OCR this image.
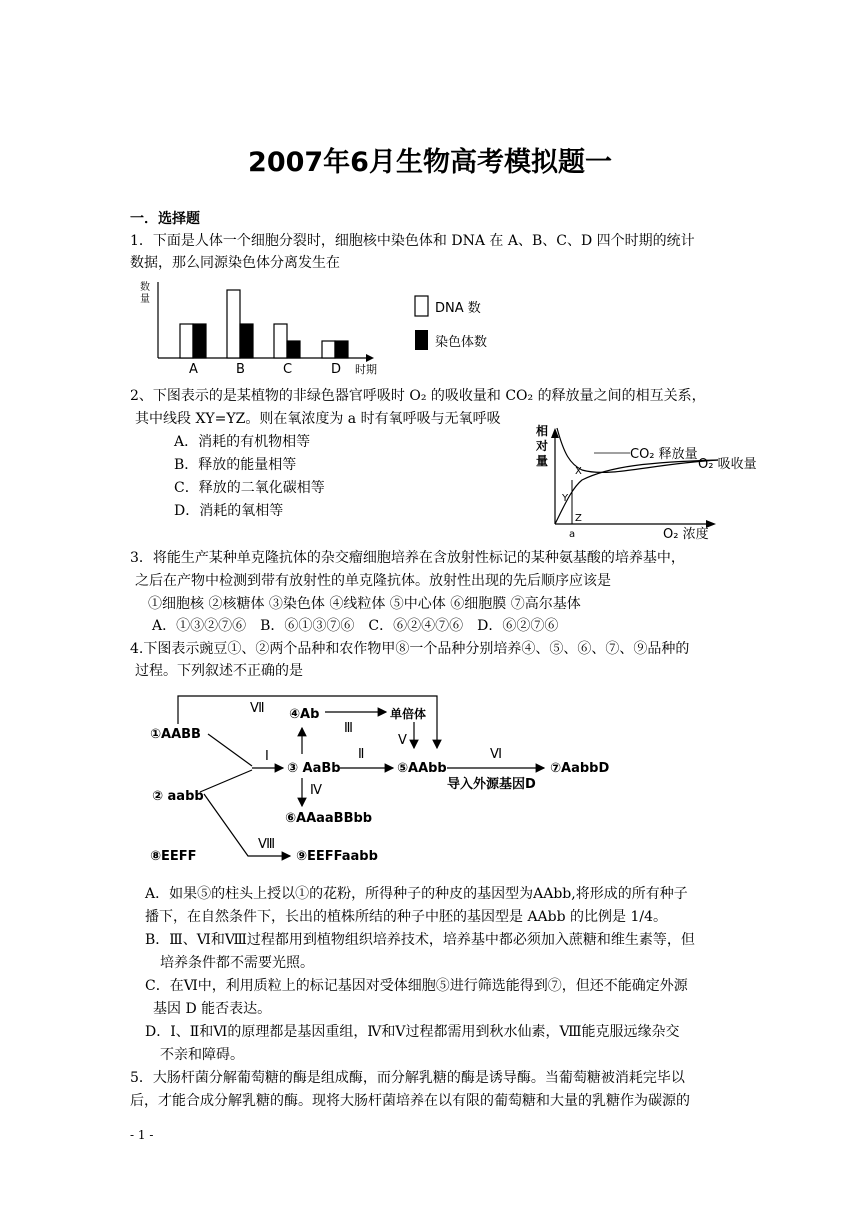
2007年6月生物高考模拟题一
一．选择题
1．下面是人体一个细胞分裂时，细胞核中染色体和 DNA 在 A、B、C、D 四个时期的统计
数据，那么同源染色体分离发生在
数
量
A	B	C	D 时期
DNA 数
染色体数
2、下图表示的是某植物的非绿色器官呼吸时 O₂ 的吸收量和 CO₂ 的释放量之间的相互关系，
其中线段 XY=YZ。则在氧浓度为 a 时有氧呼吸与无氧呼吸
A．消耗的有机物相等
B．释放的能量相等
C．释放的二氧化碳相等
D．消耗的氧相等
相
对
量	CO₂ 释放量
O₂ 吸收量
X
Y
Z
a	O₂ 浓度
3．将能生产某种单克隆抗体的杂交瘤细胞培养在含放射性标记的某种氨基酸的培养基中，
之后在产物中检测到带有放射性的单克隆抗体。放射性出现的先后顺序应该是
①细胞核 ②核糖体 ③染色体 ④线粒体 ⑤中心体 ⑥细胞膜 ⑦高尔基体
A．①③②⑦⑥　B．⑥①③⑦⑥　C．⑥②④⑦⑥　D．⑥②⑦⑥
4.下图表示豌豆①、②两个品种和农作物甲⑧一个品种分别培养④、⑤、⑥、⑦、⑨品种的
过程。下列叙述不正确的是
①AABB
② aabb
③ AaBb
④Ab
⑤AAbb
⑥AAaaBBbb
⑦AabbD
⑧EEFF	⑨EEFFaabb
单倍体
导入外源基因D
Ⅰ	Ⅱ
Ⅲ
Ⅳ
Ⅴ
Ⅵ
Ⅶ
Ⅷ
A．如果⑤的柱头上授以①的花粉，所得种子的种皮的基因型为AAbb,将形成的所有种子
播下，在自然条件下，长出的植株所结的种子中胚的基因型是 AAbb 的比例是 1/4。
B．Ⅲ、Ⅵ和Ⅷ过程都用到植物组织培养技术，培养基中都必须加入蔗糖和维生素等，但
培养条件都不需要光照。
C．在Ⅵ中，利用质粒上的标记基因对受体细胞⑤进行筛选能得到⑦，但还不能确定外源
基因 D 能否表达。
D．Ⅰ、Ⅱ和Ⅵ的原理都是基因重组，Ⅳ和Ⅴ过程都需用到秋水仙素，Ⅷ能克服远缘杂交
不亲和障碍。
5．大肠杆菌分解葡萄糖的酶是组成酶，而分解乳糖的酶是诱导酶。当葡萄糖被消耗完毕以
后，才能合成分解乳糖的酶。现将大肠杆菌培养在以有限的葡萄糖和大量的乳糖作为碳源的
- 1 -
